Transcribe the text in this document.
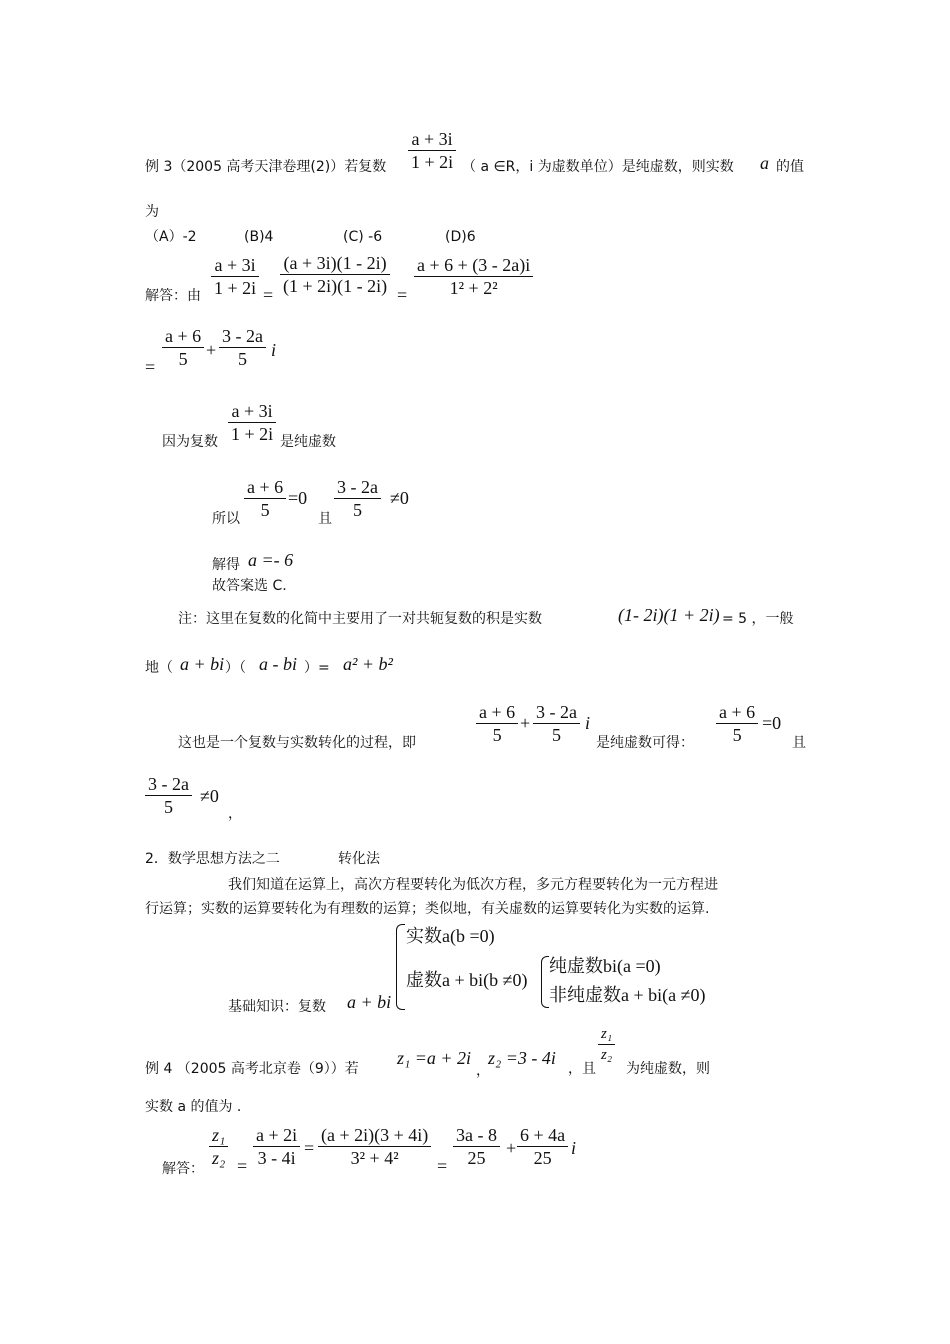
a + 3i
1 + 2i
例 3（2005 高考天津卷理(2)）若复数	（ a ∈R，i 为虚数单位）是纯虚数，则实数 a 的值
为
（A）-2	(B)4	(C) -6	(D)6
解答：由
a + 3i
1 + 2i =
(a + 3i)(1 - 2i)
(1 + 2i)(1 - 2i) =
a + 6 + (3 - 2a)i
1² + 2²
=
a + 6
5 +
3 - 2a
5 i
因为复数
a + 3i
1 + 2i 是纯虚数
所以
a + 6
5
=0
且
3 - 2a
5
≠0
解得 a =- 6
故答案选 C.
注：这里在复数的化简中主要用了一对共轭复数的积是实数	(1- 2i)(1 + 2i) = 5 ，一般
地（ a + bi ）（ a - bi ）= a² + b²
这也是一个复数与实数转化的过程，即
a + 6
5
+
3 - 2a
5
i
是纯虚数可得：
a + 6
5
=0
且
3 - 2a
5
≠0
，
2．数学思想方法之二	转化法
我们知道在运算上，高次方程要转化为低次方程，多元方程要转化为一元方程进
行运算；实数的运算要转化为有理数的运算；类似地，有关虚数的运算要转化为实数的运算.
基础知识：复数 a + bi
实数a(b =0)
虚数a + bi(b ≠0)
纯虚数bi(a =0)
非纯虚数a + bi(a ≠0)
例 4 （2005 高考北京卷（9））若
z₁ =a + 2i
，
z₂ =3 - 4i
，且
z₁
z₂
为纯虚数，则
实数 a 的值为 .
解答：
z₁
z₂ =
a + 2i
3 - 4i =
(a + 2i)(3 + 4i)
3² + 4² =
3a - 8
25 +
6 + 4a
25 i
